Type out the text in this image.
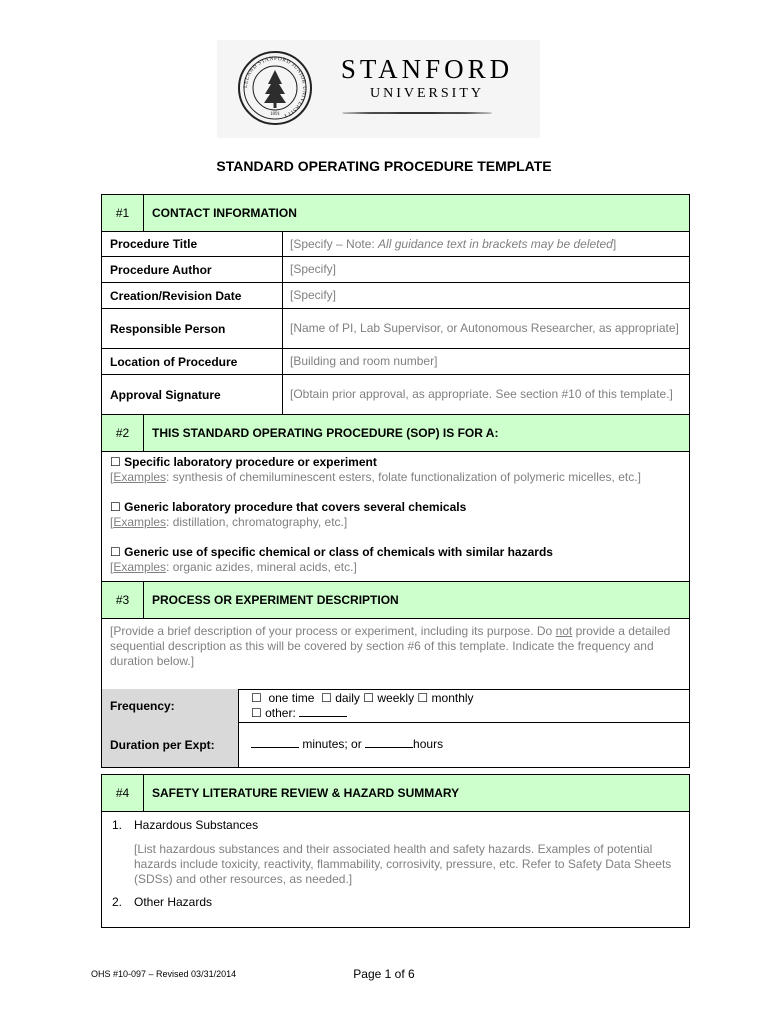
LELAND STANFORD JUNIOR UNIVERSITY
1891
STANFORD
UNIVERSITY
STANDARD OPERATING PROCEDURE TEMPLATE
#1	CONTACT INFORMATION
Procedure Title	[Specify – Note: All guidance text in brackets may be deleted]
Procedure Author	[Specify]
Creation/Revision Date	[Specify]
Responsible Person	[Name of PI, Lab Supervisor, or Autonomous Researcher, as appropriate]
Location of Procedure	[Building and room number]
Approval Signature	[Obtain prior approval, as appropriate. See section #10 of this template.]
#2	THIS STANDARD OPERATING PROCEDURE (SOP) IS FOR A:
☐ Specific laboratory procedure or experiment
[Examples: synthesis of chemiluminescent esters, folate functionalization of polymeric micelles, etc.]
☐ Generic laboratory procedure that covers several chemicals
[Examples: distillation, chromatography, etc.]
☐ Generic use of specific chemical or class of chemicals with similar hazards
[Examples: organic azides, mineral acids, etc.]
#3	PROCESS OR EXPERIMENT DESCRIPTION
[Provide a brief description of your process or experiment, including its purpose. Do not provide a detailed sequential description as this will be covered by section #6 of this template. Indicate the frequency and duration below.]
Frequency:
☐ one time ☐ daily ☐ weekly ☐ monthly
☐ other:
Duration per Expt:	minutes; or	hours
#4	SAFETY LITERATURE REVIEW & HAZARD SUMMARY
1. Hazardous Substances
[List hazardous substances and their associated health and safety hazards. Examples of potential hazards include toxicity, reactivity, flammability, corrosivity, pressure, etc. Refer to Safety Data Sheets (SDSs) and other resources, as needed.]
2. Other Hazards
OHS #10-097 – Revised 03/31/2014	Page 1 of 6
